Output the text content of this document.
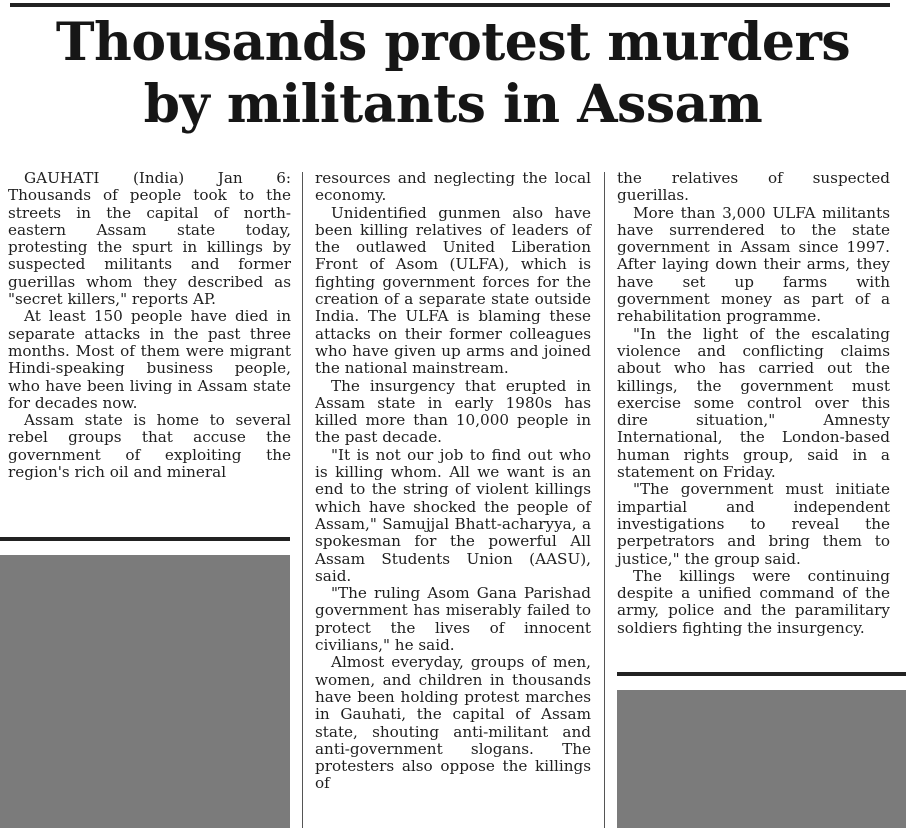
Thousands protest murders
by militants in Assam

GAUHATI (India) Jan 6: Thousands of people took to the streets in the capital of north-eastern Assam state today, protesting the spurt in killings by suspected militants and former guerillas whom they described as "secret killers," reports AP.

At least 150 people have died in separate attacks in the past three months. Most of them were migrant Hindi-speaking business people, who have been living in Assam state for decades now.

Assam state is home to several rebel groups that accuse the government of exploiting the region's rich oil and mineral

resources and neglecting the local economy.

Unidentified gunmen also have been killing relatives of leaders of the outlawed United Liberation Front of Asom (ULFA), which is fighting government forces for the creation of a separate state outside India. The ULFA is blaming these attacks on their former colleagues who have given up arms and joined the national mainstream.

The insurgency that erupted in Assam state in early 1980s has killed more than 10,000 people in the past decade.

"It is not our job to find out who is killing whom. All we want is an end to the string of violent killings which have shocked the people of Assam," Samujjal Bhatt-acharyya, a spokesman for the powerful All Assam Students Union (AASU), said.

"The ruling Asom Gana Parishad government has miserably failed to protect the lives of innocent civilians," he said.

Almost everyday, groups of men, women, and children in thousands have been holding protest marches in Gauhati, the capital of Assam state, shouting anti-militant and anti-government slogans. The protesters also oppose the killings of

the relatives of suspected guerillas.

More than 3,000 ULFA militants have surrendered to the state government in Assam since 1997. After laying down their arms, they have set up farms with government money as part of a rehabilitation programme.

"In the light of the escalating violence and conflicting claims about who has carried out the killings, the government must exercise some control over this dire situation," Amnesty International, the London-based human rights group, said in a statement on Friday.

"The government must initiate impartial and independent investigations to reveal the perpetrators and bring them to justice," the group said.

The killings were continuing despite a unified command of the army, police and the paramilitary soldiers fighting the insurgency.
